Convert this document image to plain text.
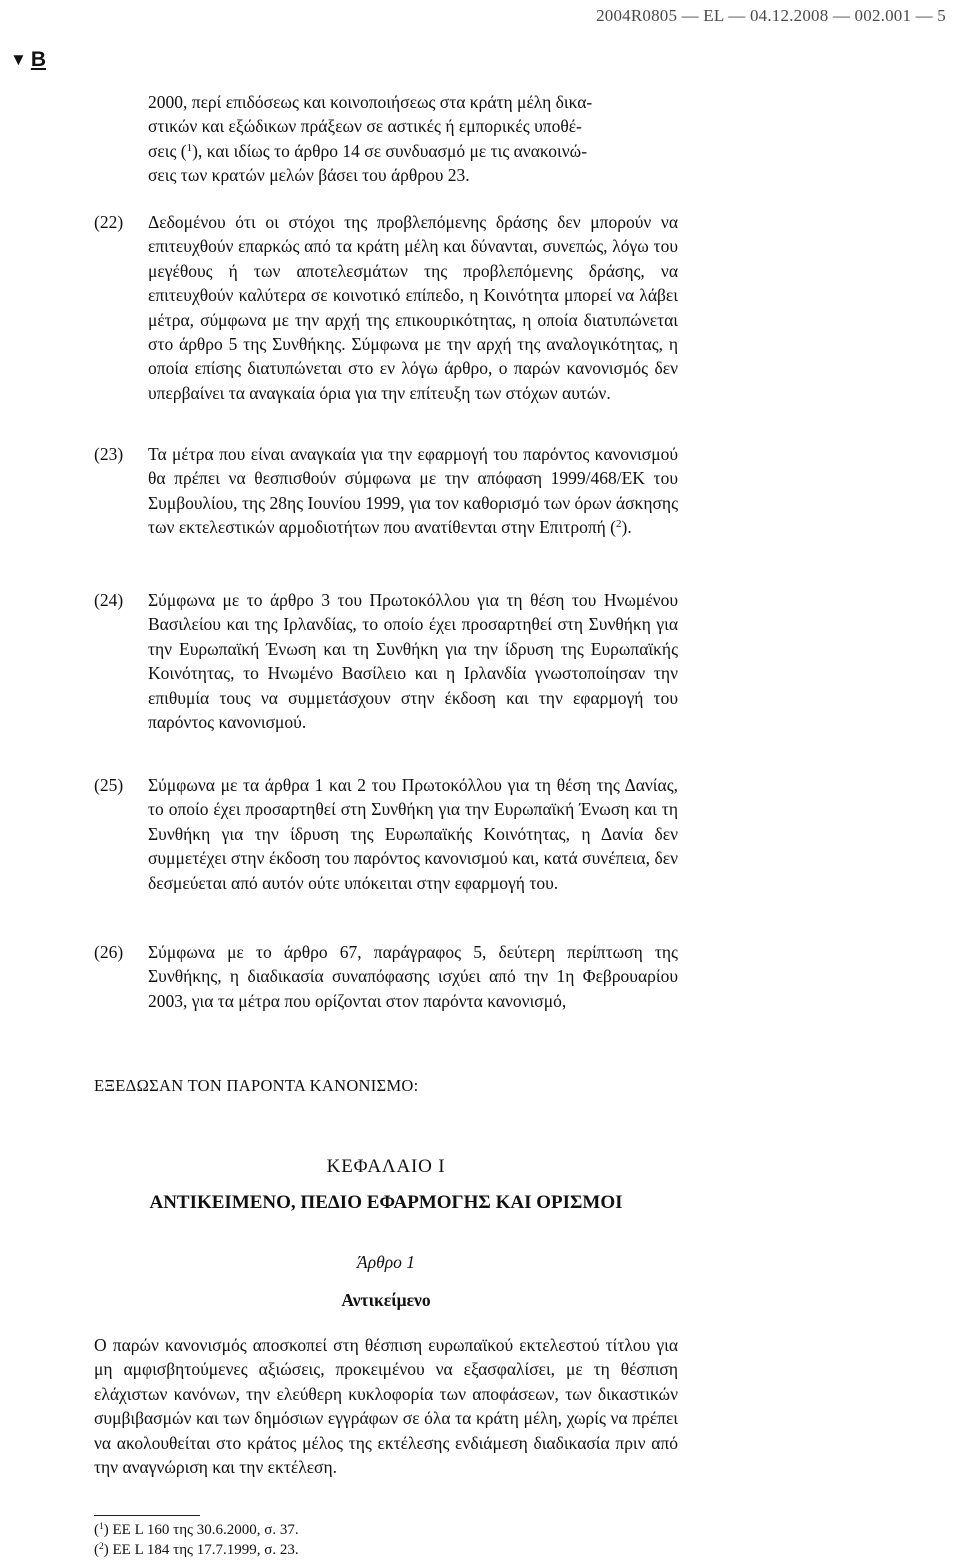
2004R0805 — EL — 04.12.2008 — 002.001 — 5
▼ B
2000, περί επιδόσεως και κοινοποιήσεως στα κράτη μέλη δικα-
στικών και εξώδικων πράξεων σε αστικές ή εμπορικές υποθέ-
σεις ($^1$), και ιδίως το άρθρο 14 σε συνδυασμό με τις ανακοινώ-
σεις των κρατών μελών βάσει του άρθρου 23.
(22) Δεδομένου ότι οι στόχοι της προβλεπόμενης δράσης δεν μπορούν να επιτευχθούν επαρκώς από τα κράτη μέλη και δύνανται, συνεπώς, λόγω του μεγέθους ή των αποτελεσμάτων της προβλεπόμενης δράσης, να επιτευχθούν καλύτερα σε κοινοτικό επίπεδο, η Κοινότητα μπορεί να λάβει μέτρα, σύμφωνα με την αρχή της επικουρικότητας, η οποία διατυπώνεται στο άρθρο 5 της Συνθήκης. Σύμφωνα με την αρχή της αναλογικότητας, η οποία επίσης διατυπώνεται στο εν λόγω άρθρο, ο παρών κανονισμός δεν υπερβαίνει τα αναγκαία όρια για την επίτευξη των στόχων αυτών.
(23) Τα μέτρα που είναι αναγκαία για την εφαρμογή του παρόντος κανονισμού θα πρέπει να θεσπισθούν σύμφωνα με την απόφαση 1999/468/ΕΚ του Συμβουλίου, της 28ης Ιουνίου 1999, για τον καθορισμό των όρων άσκησης των εκτελεστικών αρμοδιοτήτων που ανατίθενται στην Επιτροπή ($^2$).
(24) Σύμφωνα με το άρθρο 3 του Πρωτοκόλλου για τη θέση του Ηνωμένου Βασιλείου και της Ιρλανδίας, το οποίο έχει προσαρτηθεί στη Συνθήκη για την Ευρωπαϊκή Ένωση και τη Συνθήκη για την ίδρυση της Ευρωπαϊκής Κοινότητας, το Ηνωμένο Βασίλειο και η Ιρλανδία γνωστοποίησαν την επιθυμία τους να συμμετάσχουν στην έκδοση και την εφαρμογή του παρόντος κανονισμού.
(25) Σύμφωνα με τα άρθρα 1 και 2 του Πρωτοκόλλου για τη θέση της Δανίας, το οποίο έχει προσαρτηθεί στη Συνθήκη για την Ευρωπαϊκή Ένωση και τη Συνθήκη για την ίδρυση της Ευρωπαϊκής Κοινότητας, η Δανία δεν συμμετέχει στην έκδοση του παρόντος κανονισμού και, κατά συνέπεια, δεν δεσμεύεται από αυτόν ούτε υπόκειται στην εφαρμογή του.
(26) Σύμφωνα με το άρθρο 67, παράγραφος 5, δεύτερη περίπτωση της Συνθήκης, η διαδικασία συναπόφασης ισχύει από την 1η Φεβρουαρίου 2003, για τα μέτρα που ορίζονται στον παρόντα κανονισμό,
ΕΞΕΔΩΣΑΝ ΤΟΝ ΠΑΡΟΝΤΑ ΚΑΝΟΝΙΣΜΟ:
ΚΕΦΑΛΑΙΟ I
ΑΝΤΙΚΕΙΜΕΝΟ, ΠΕΔΙΟ ΕΦΑΡΜΟΓΗΣ ΚΑΙ ΟΡΙΣΜΟΙ
Άρθρο 1
Αντικείμενο
Ο παρών κανονισμός αποσκοπεί στη θέσπιση ευρωπαϊκού εκτελεστού τίτλου για μη αμφισβητούμενες αξιώσεις, προκειμένου να εξασφαλίσει, με τη θέσπιση ελάχιστων κανόνων, την ελεύθερη κυκλοφορία των αποφάσεων, των δικαστικών συμβιβασμών και των δημόσιων εγγράφων σε όλα τα κράτη μέλη, χωρίς να πρέπει να ακολουθείται στο κράτος μέλος της εκτέλεσης ενδιάμεση διαδικασία πριν από την αναγνώριση και την εκτέλεση.
($^1$) ΕΕ L 160 της 30.6.2000, σ. 37.
($^2$) ΕΕ L 184 της 17.7.1999, σ. 23.
